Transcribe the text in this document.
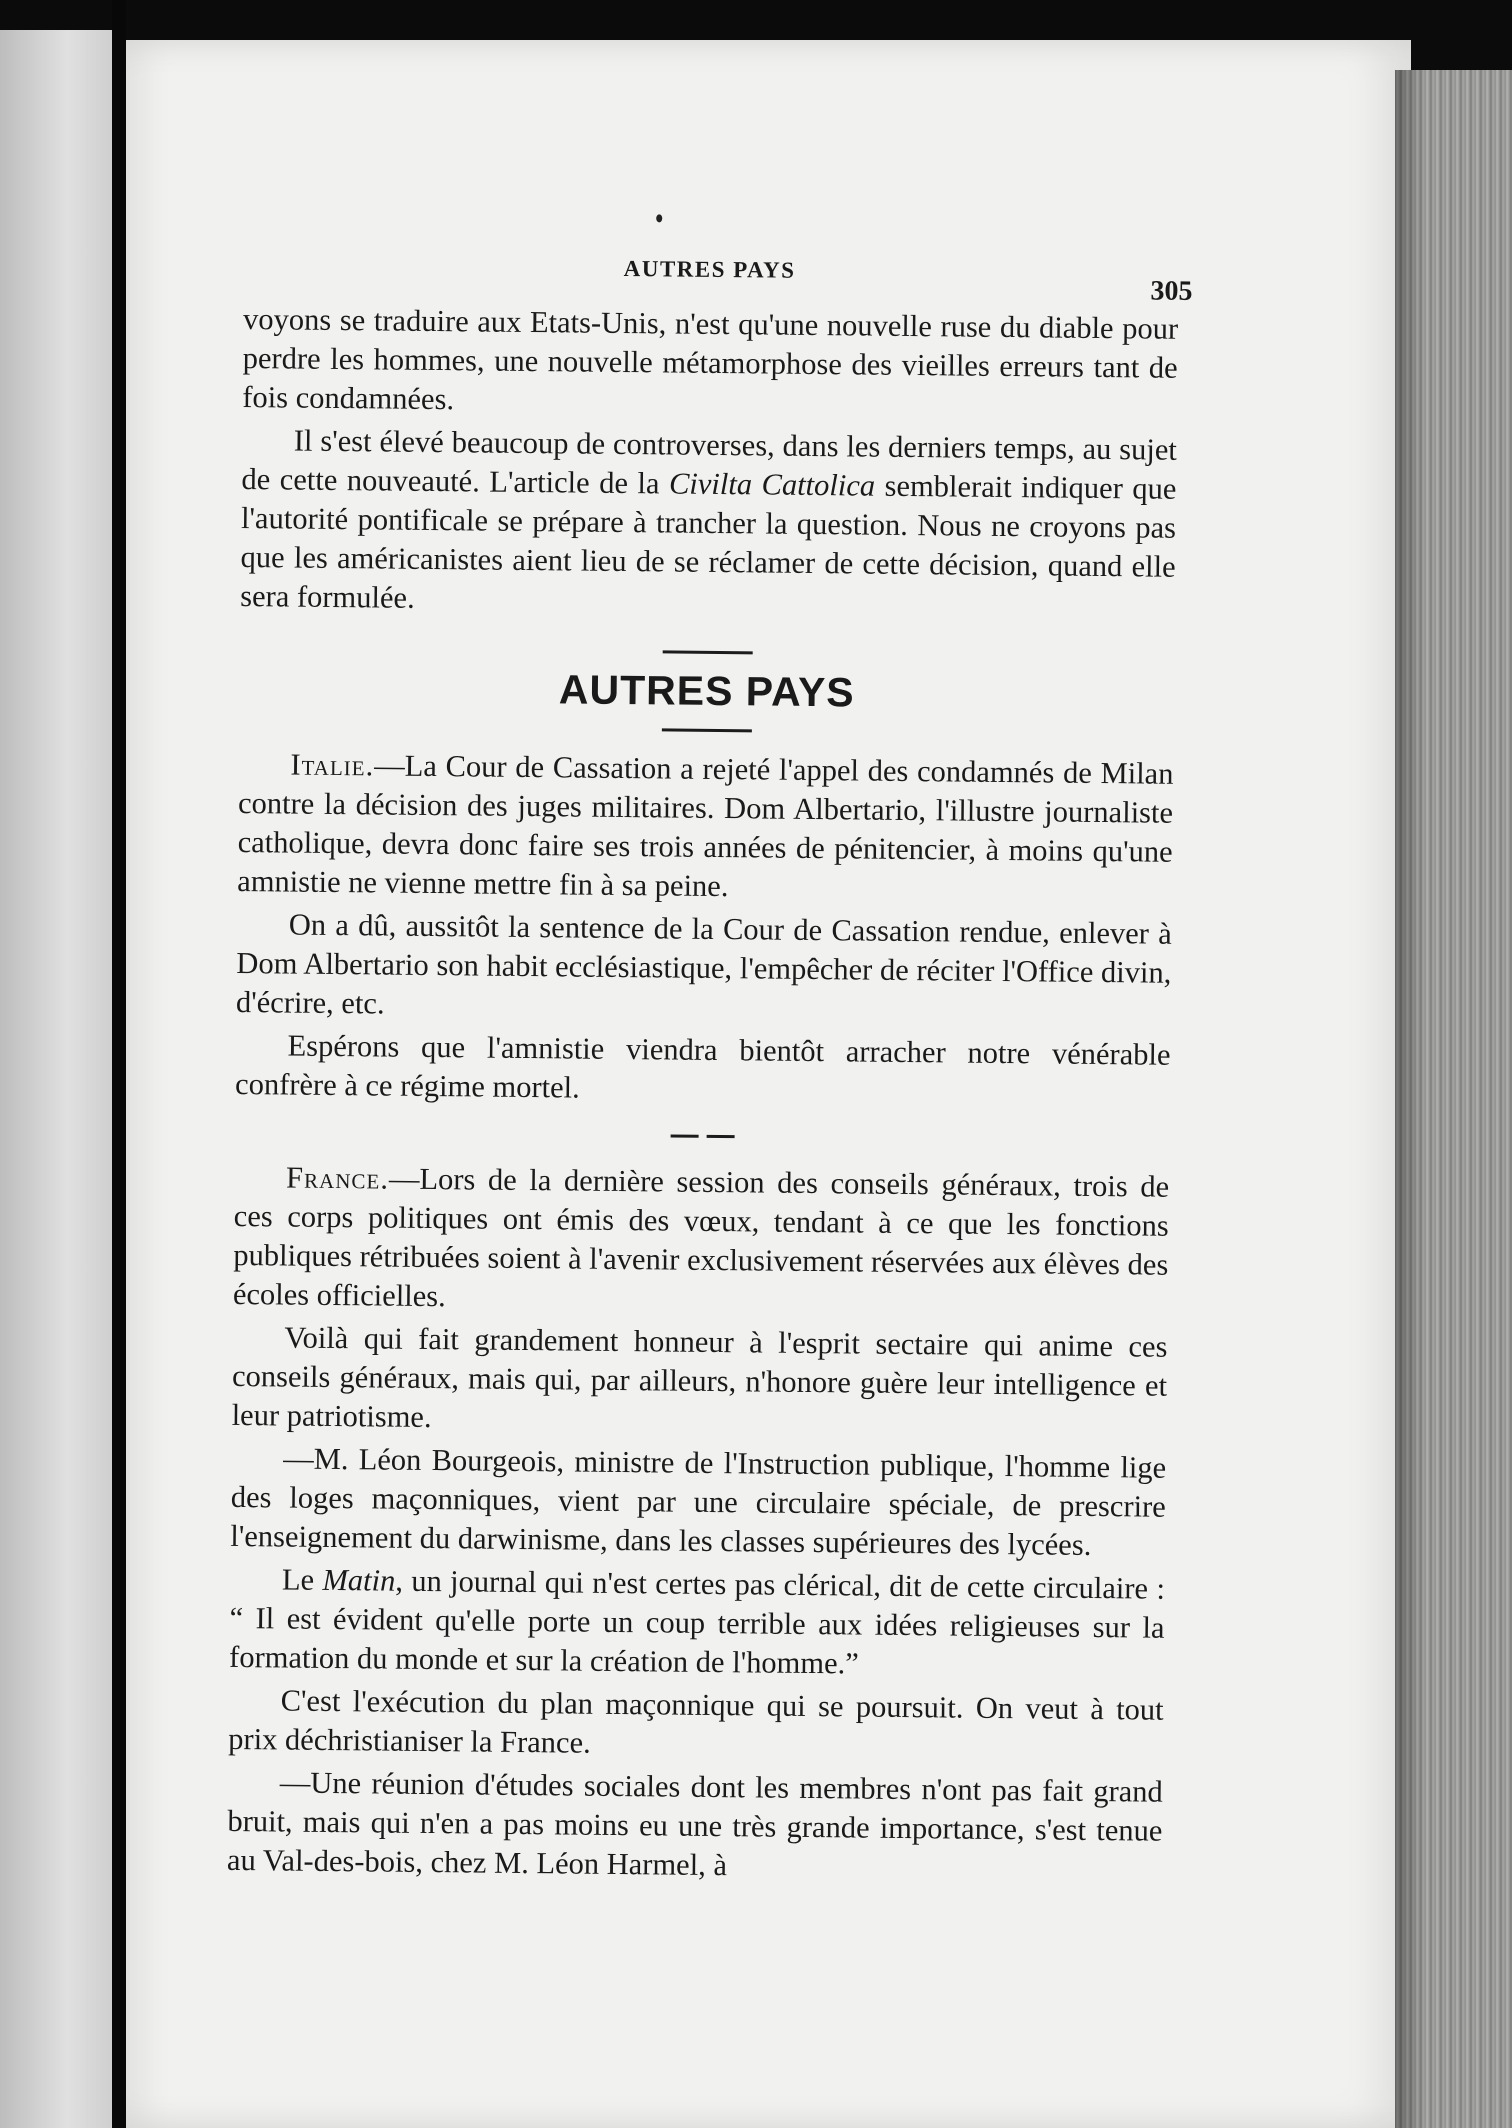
AUTRES PAYS
305

voyons se traduire aux Etats-Unis, n'est qu'une nouvelle ruse du diable pour perdre les hommes, une nouvelle métamorphose des vieilles erreurs tant de fois condamnées.

Il s'est élevé beaucoup de controverses, dans les derniers temps, au sujet de cette nouveauté. L'article de la Civilta Cattolica semblerait indiquer que l'autorité pontificale se prépare à trancher la question. Nous ne croyons pas que les américanistes aient lieu de se réclamer de cette décision, quand elle sera formulée.

AUTRES PAYS

Italie.—La Cour de Cassation a rejeté l'appel des condamnés de Milan contre la décision des juges militaires. Dom Albertario, l'illustre journaliste catholique, devra donc faire ses trois années de pénitencier, à moins qu'une amnistie ne vienne mettre fin à sa peine.

On a dû, aussitôt la sentence de la Cour de Cassation rendue, enlever à Dom Albertario son habit ecclésiastique, l'empêcher de réciter l'Office divin, d'écrire, etc.

Espérons que l'amnistie viendra bientôt arracher notre vénérable confrère à ce régime mortel.

France.—Lors de la dernière session des conseils généraux, trois de ces corps politiques ont émis des vœux, tendant à ce que les fonctions publiques rétribuées soient à l'avenir exclusivement réservées aux élèves des écoles officielles.

Voilà qui fait grandement honneur à l'esprit sectaire qui anime ces conseils généraux, mais qui, par ailleurs, n'honore guère leur intelligence et leur patriotisme.

—M. Léon Bourgeois, ministre de l'Instruction publique, l'homme lige des loges maçonniques, vient par une circulaire spéciale, de prescrire l'enseignement du darwinisme, dans les classes supérieures des lycées.

Le Matin, un journal qui n'est certes pas clérical, dit de cette circulaire : “ Il est évident qu'elle porte un coup terrible aux idées religieuses sur la formation du monde et sur la création de l'homme.”

C'est l'exécution du plan maçonnique qui se poursuit. On veut à tout prix déchristianiser la France.

—Une réunion d'études sociales dont les membres n'ont pas fait grand bruit, mais qui n'en a pas moins eu une très grande importance, s'est tenue au Val-des-bois, chez M. Léon Harmel, à
